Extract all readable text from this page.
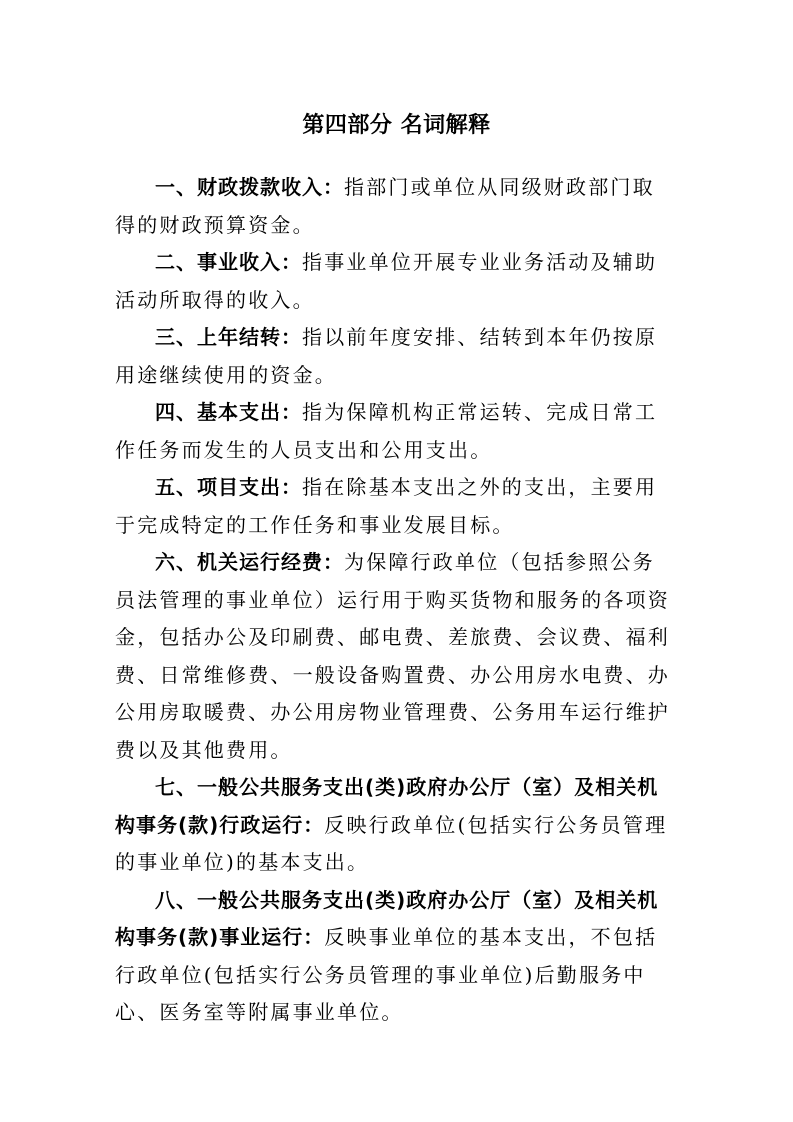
第四部分 名词解释

一、财政拨款收入：指部门或单位从同级财政部门取得的财政预算资金。

二、事业收入：指事业单位开展专业业务活动及辅助活动所取得的收入。

三、上年结转：指以前年度安排、结转到本年仍按原用途继续使用的资金。

四、基本支出：指为保障机构正常运转、完成日常工作任务而发生的人员支出和公用支出。

五、项目支出：指在除基本支出之外的支出，主要用于完成特定的工作任务和事业发展目标。

六、机关运行经费：为保障行政单位（包括参照公务员法管理的事业单位）运行用于购买货物和服务的各项资金，包括办公及印刷费、邮电费、差旅费、会议费、福利费、日常维修费、一般设备购置费、办公用房水电费、办公用房取暖费、办公用房物业管理费、公务用车运行维护费以及其他费用。

七、一般公共服务支出(类)政府办公厅（室）及相关机构事务(款)行政运行：反映行政单位(包括实行公务员管理的事业单位)的基本支出。

八、一般公共服务支出(类)政府办公厅（室）及相关机构事务(款)事业运行：反映事业单位的基本支出，不包括行政单位(包括实行公务员管理的事业单位)后勤服务中心、医务室等附属事业单位。
